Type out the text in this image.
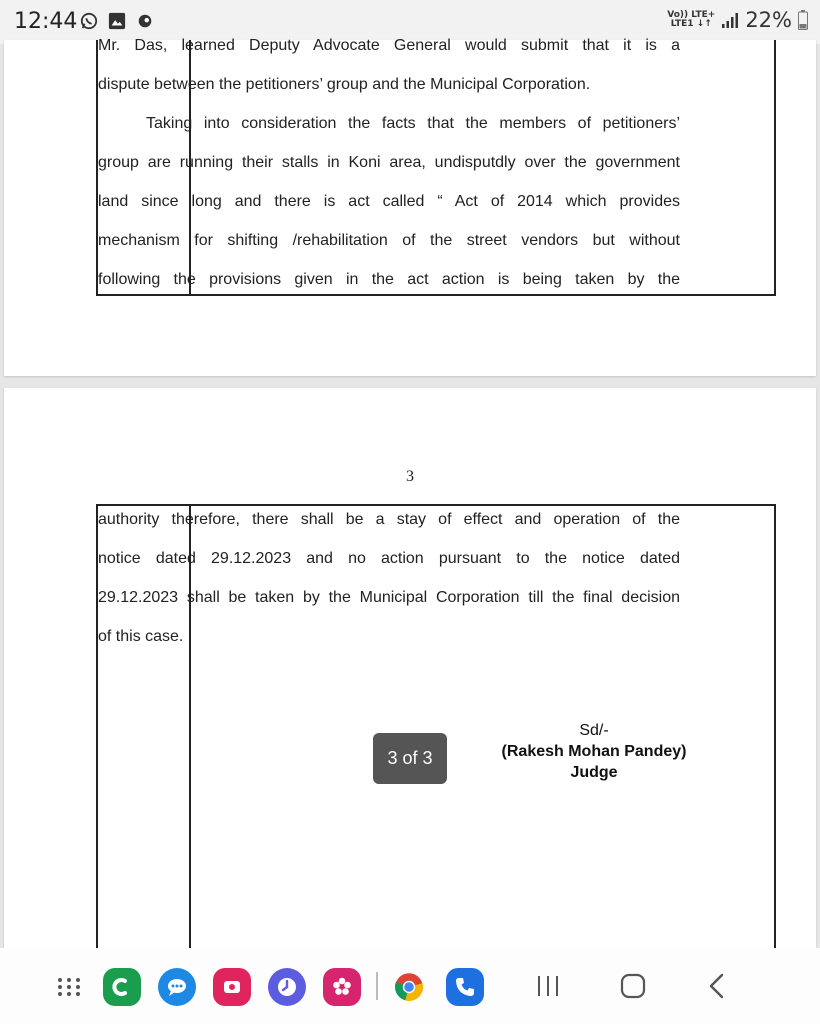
12:44	Vo)) LTE+
LTE1 ↓↑ 22%
Mr. Das, learned Deputy Advocate General would submit that it is a
dispute between the petitioners’ group and the Municipal Corporation.
Taking into consideration the facts that the members of petitioners’
group are running their stalls in Koni area, undisputdly over the government
land since long and there is act called “ Act of 2014 which provides
mechanism for shifting /rehabilitation of the street vendors but without
following the provisions given in the act action is being taken by the
3
authority therefore, there shall be a stay of effect and operation of the
notice dated 29.12.2023 and no action pursuant to the notice dated
29.12.2023 shall be taken by the Municipal Corporation till the final decision
of this case.
Sd/-
(Rakesh Mohan Pandey)
Judge
3 of 3
